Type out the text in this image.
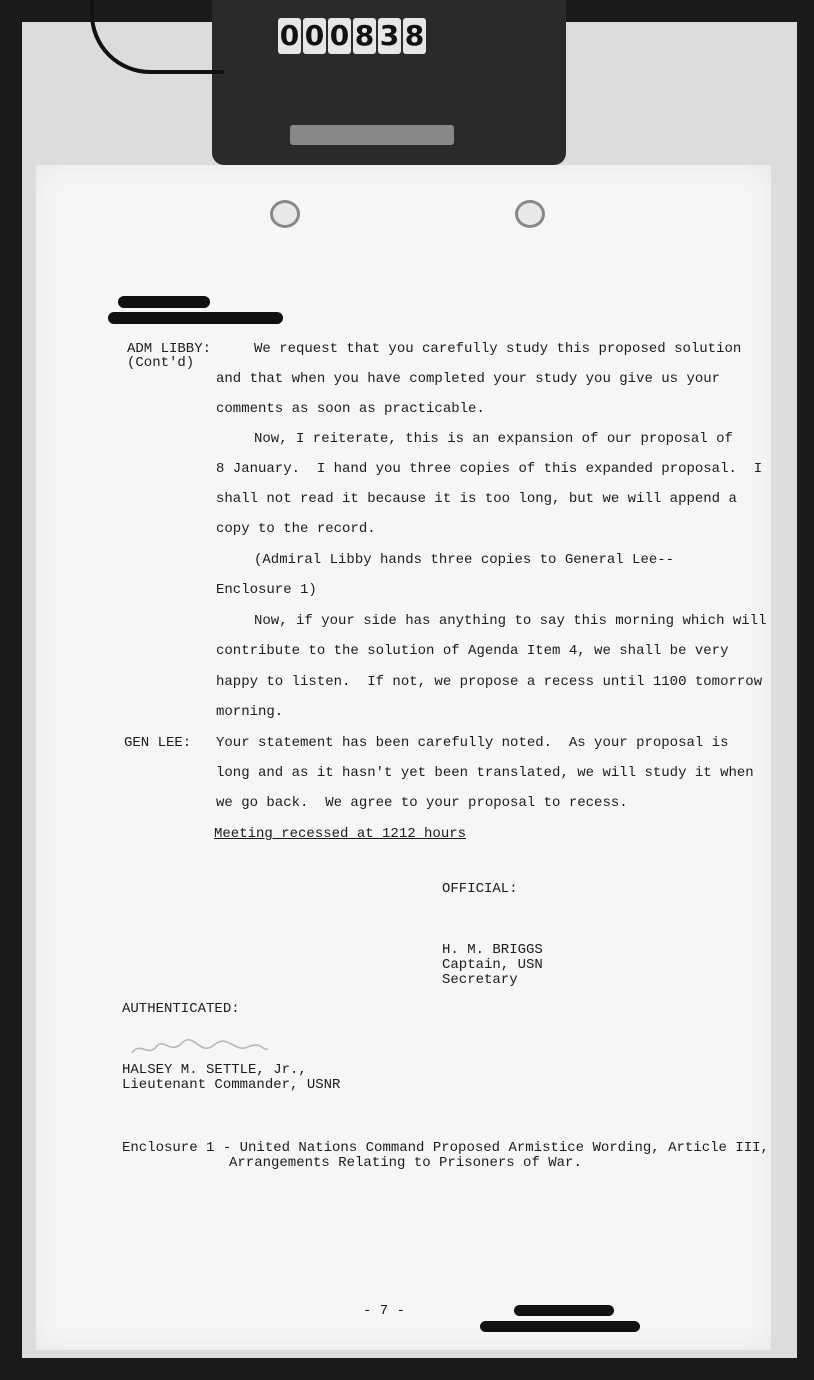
0 0 0 8 3 8
ADM LIBBY:
(Cont'd)
We request that you carefully study this proposed solution
and that when you have completed your study you give us your
comments as soon as practicable.
Now, I reiterate, this is an expansion of our proposal of
8 January.  I hand you three copies of this expanded proposal.  I
shall not read it because it is too long, but we will append a
copy to the record.
(Admiral Libby hands three copies to General Lee--
Enclosure 1)
Now, if your side has anything to say this morning which will
contribute to the solution of Agenda Item 4, we shall be very
happy to listen.  If not, we propose a recess until 1100 tomorrow
morning.
GEN LEE: Your statement has been carefully noted.  As your proposal is
long and as it hasn't yet been translated, we will study it when
we go back.  We agree to your proposal to recess.
Meeting recessed at 1212 hours
OFFICIAL:
H. M. BRIGGS
Captain, USN
Secretary
AUTHENTICATED:
HALSEY M. SETTLE, Jr.,
Lieutenant Commander, USNR
Enclosure 1 - United Nations Command Proposed Armistice Wording, Article III,
Arrangements Relating to Prisoners of War.
- 7 -
